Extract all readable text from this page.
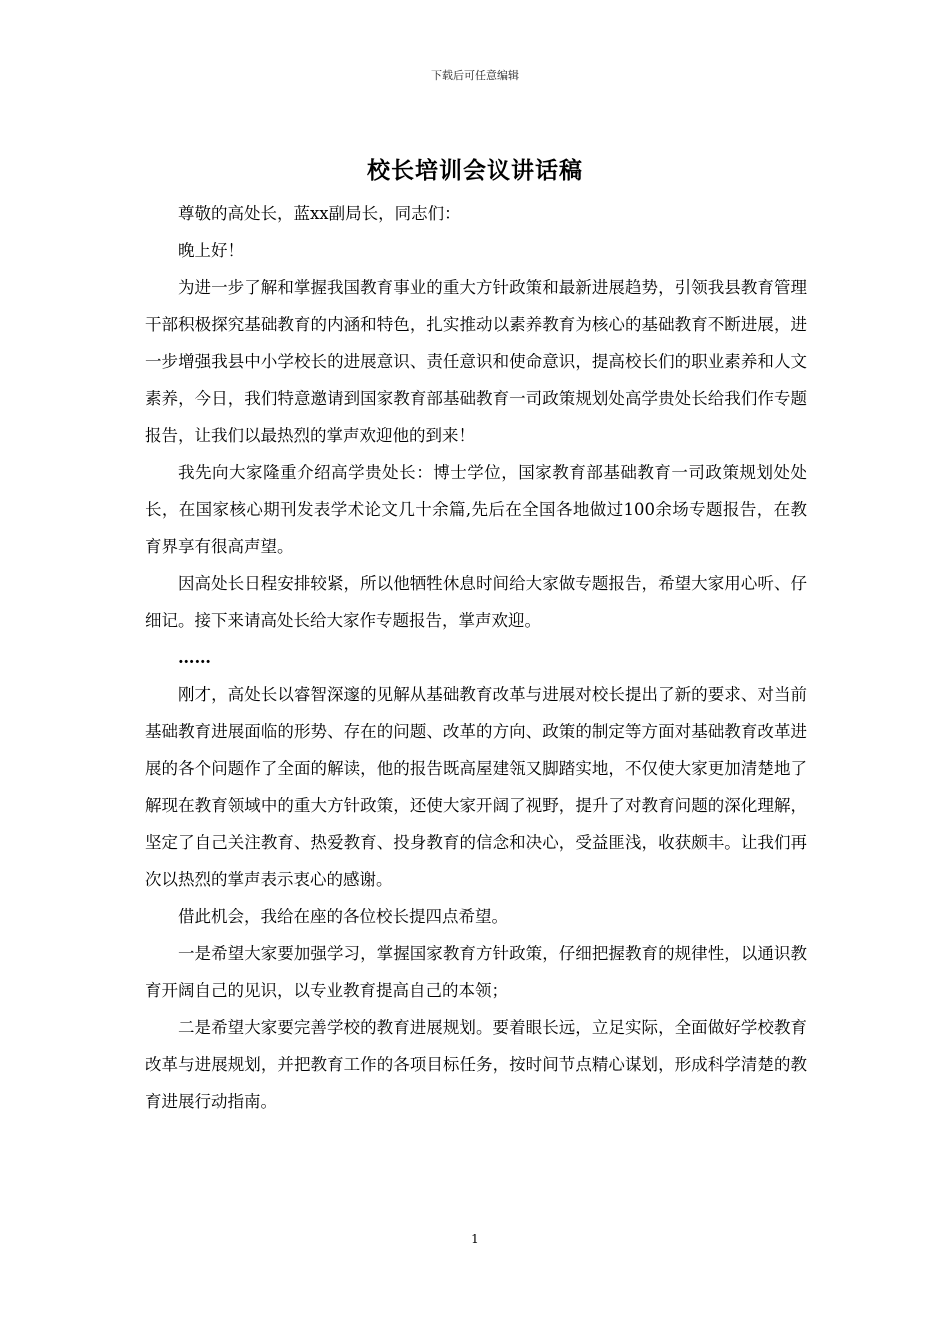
下载后可任意编辑
校长培训会议讲话稿

尊敬的高处长，蓝xx副局长，同志们：

晚上好！

为进一步了解和掌握我国教育事业的重大方针政策和最新进展趋势，引领我县教育管理干部积极探究基础教育的内涵和特色，扎实推动以素养教育为核心的基础教育不断进展，进一步增强我县中小学校长的进展意识、责任意识和使命意识，提高校长们的职业素养和人文素养，今日，我们特意邀请到国家教育部基础教育一司政策规划处高学贵处长给我们作专题报告，让我们以最热烈的掌声欢迎他的到来！

我先向大家隆重介绍高学贵处长：博士学位，国家教育部基础教育一司政策规划处处长，在国家核心期刊发表学术论文几十余篇,先后在全国各地做过100余场专题报告，在教育界享有很高声望。

因高处长日程安排较紧，所以他牺牲休息时间给大家做专题报告，希望大家用心听、仔细记。接下来请高处长给大家作专题报告，掌声欢迎。

……

刚才，高处长以睿智深邃的见解从基础教育改革与进展对校长提出了新的要求、对当前基础教育进展面临的形势、存在的问题、改革的方向、政策的制定等方面对基础教育改革进展的各个问题作了全面的解读，他的报告既高屋建瓴又脚踏实地，不仅使大家更加清楚地了解现在教育领域中的重大方针政策，还使大家开阔了视野，提升了对教育问题的深化理解，坚定了自己关注教育、热爱教育、投身教育的信念和决心，受益匪浅，收获颇丰。让我们再次以热烈的掌声表示衷心的感谢。

借此机会，我给在座的各位校长提四点希望。

一是希望大家要加强学习，掌握国家教育方针政策，仔细把握教育的规律性，以通识教育开阔自己的见识，以专业教育提高自己的本领；

二是希望大家要完善学校的教育进展规划。要着眼长远，立足实际，全面做好学校教育改革与进展规划，并把教育工作的各项目标任务，按时间节点精心谋划，形成科学清楚的教育进展行动指南。

1
